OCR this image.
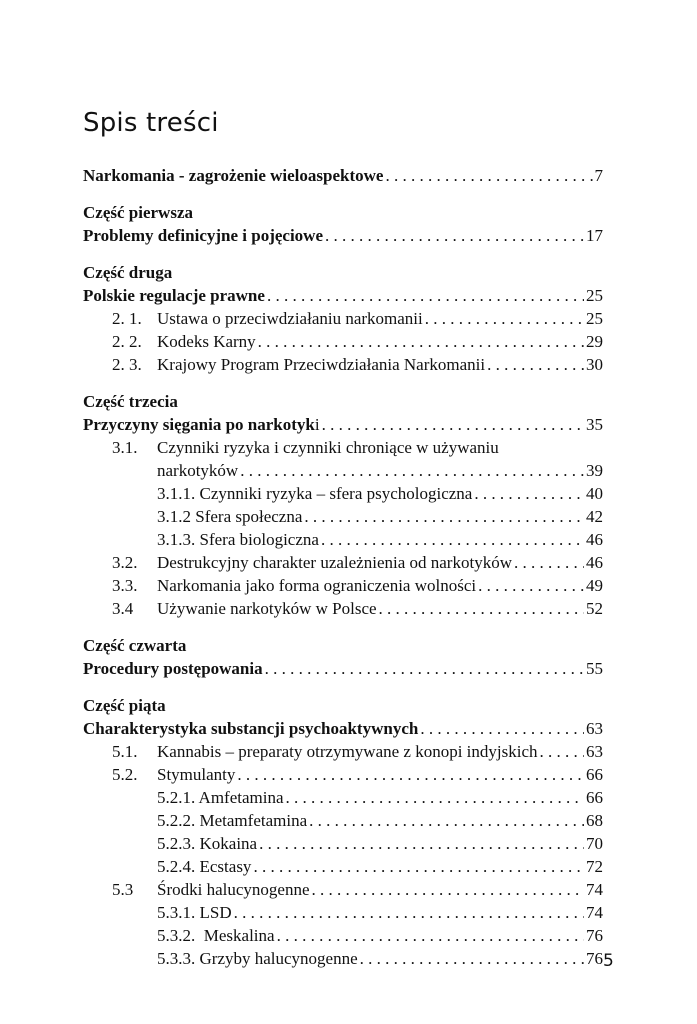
Spis treści
Narkomania - zagrożenie wieloaspektowe . . .	7
Część pierwsza
Problemy definicyjne i pojęciowe . . .	17
Część druga
Polskie regulacje prawne . . .	25
2. 1. Ustawa o przeciwdziałaniu narkomanii . . .	25
2. 2. Kodeks Karny . . .	29
2. 3. Krajowy Program Przeciwdziałania Narkomanii . . .	30
Część trzecia
Przyczyny sięgania po narkotyki . . .	35
3.1.	Czynniki ryzyka i czynniki chroniące w używaniu
narkotyków . . .	39
3.1.1. Czynniki ryzyka – sfera psychologiczna . . .	40
3.1.2 Sfera społeczna . . .	42
3.1.3. Sfera biologiczna . . .	46
3.2.	Destrukcyjny charakter uzależnienia od narkotyków . . .	46
3.3.	Narkomania jako forma ograniczenia wolności . . .	49
3.4	Używanie narkotyków w Polsce . . .	52
Część czwarta
Procedury postępowania . . .	55
Część piąta
Charakterystyka substancji psychoaktywnych . . .	63
5.1.	Kannabis – preparaty otrzymywane z konopi indyjskich . . .	63
5.2.	Stymulanty . . .	66
5.2.1. Amfetamina . . .	66
5.2.2. Metamfetamina . . .	68
5.2.3. Kokaina . . .	70
5.2.4. Ecstasy . . .	72
5.3	Środki halucynogenne . . .	74
5.3.1. LSD . . .	74
5.3.2.  Meskalina . . .	76
5.3.3. Grzyby halucynogenne . . .	76 5
